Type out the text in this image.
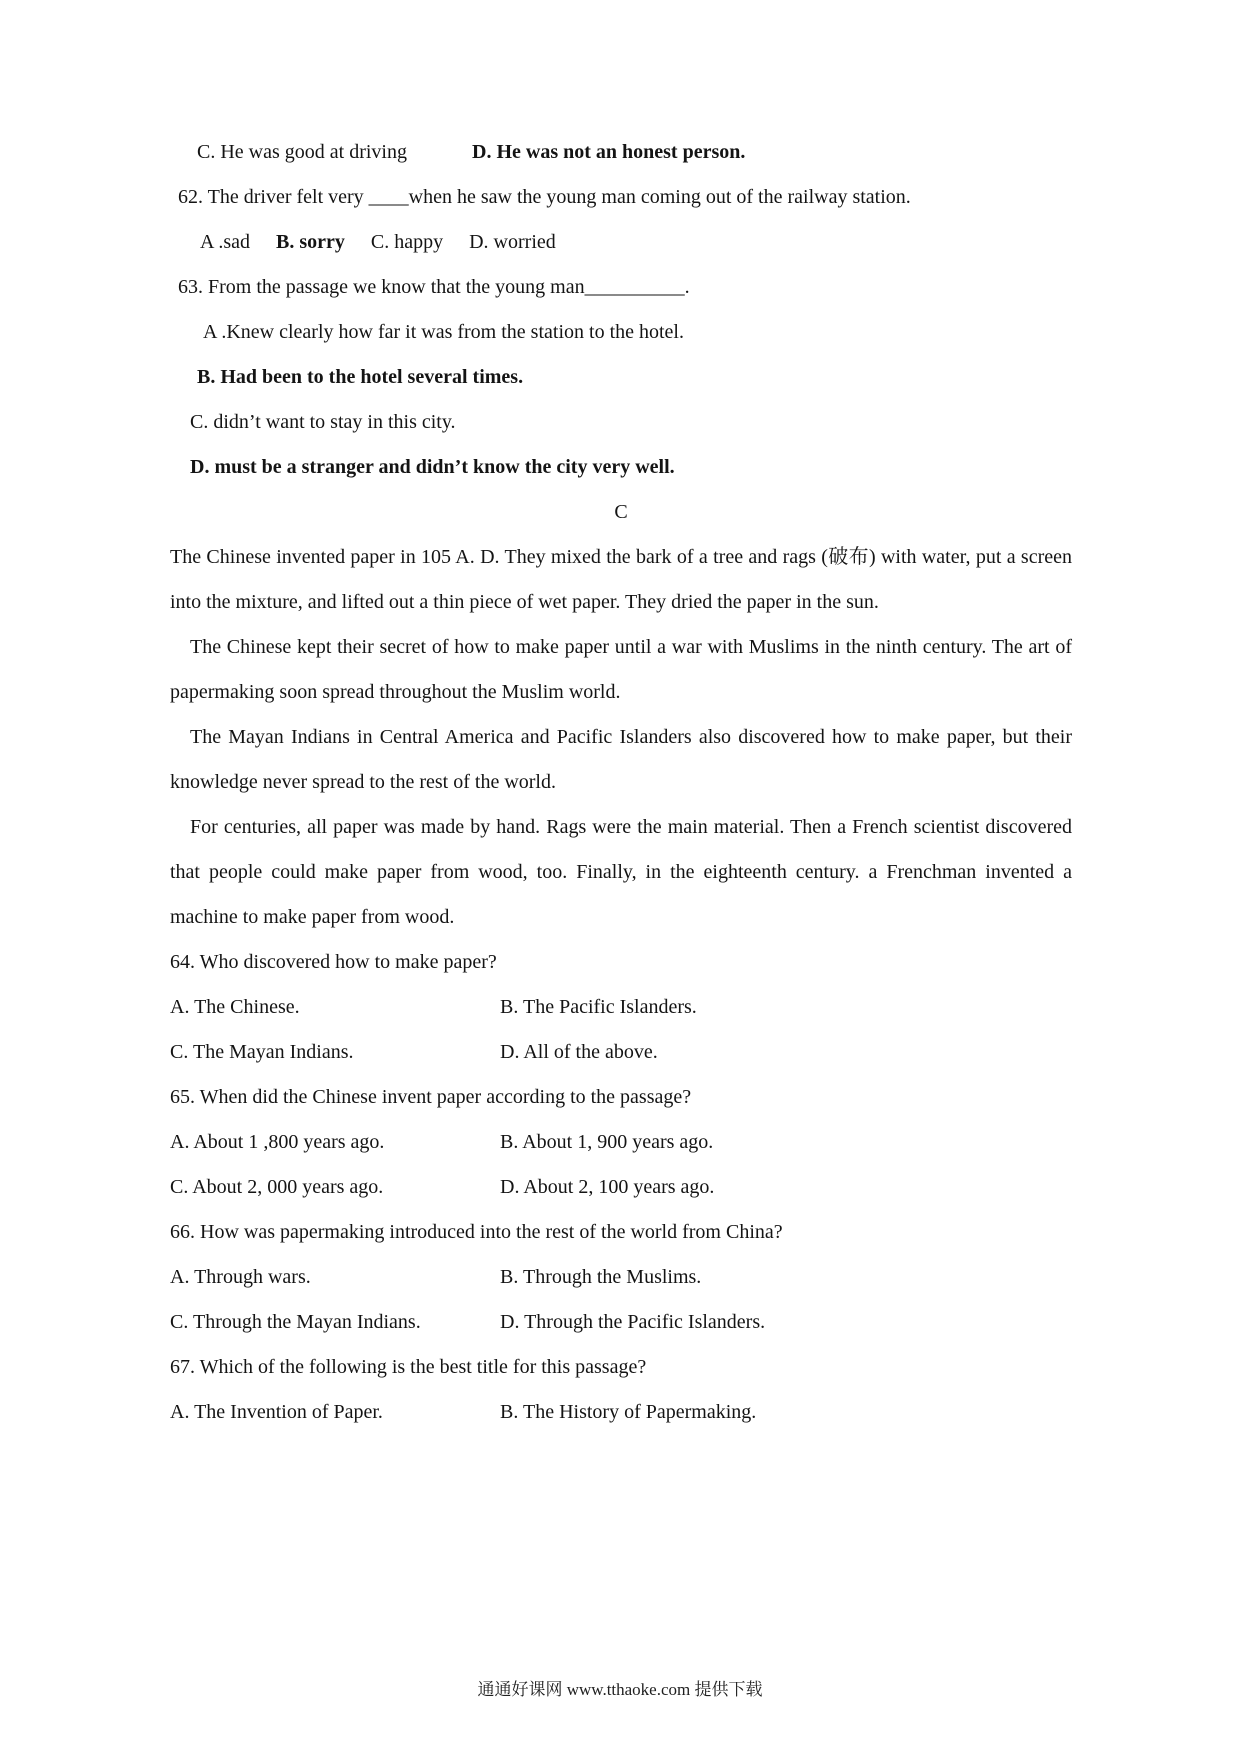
C. He was good at driving	D. He was not an honest person.
62. The driver felt very ____when he saw the young man coming out of the railway station.
A .sad B. sorry C. happy D. worried
63. From the passage we know that the young man__________.
A .Knew clearly how far it was from the station to the hotel.
B. Had been to the hotel several times.
C. didn’t want to stay in this city.
D. must be a stranger and didn’t know the city very well.
C

The Chinese invented paper in 105 A. D. They mixed the bark of a tree and rags (破布) with water, put a screen into the mixture, and lifted out a thin piece of wet paper. They dried the paper in the sun.

The Chinese kept their secret of how to make paper until a war with Muslims in the ninth century. The art of papermaking soon spread throughout the Muslim world.

The Mayan Indians in Central America and Pacific Islanders also discovered how to make paper, but their knowledge never spread to the rest of the world.

For centuries, all paper was made by hand. Rags were the main material. Then a French scientist discovered that people could make paper from wood, too. Finally, in the eighteenth century. a Frenchman invented a machine to make paper from wood.

64. Who discovered how to make paper?
A. The Chinese.	B. The Pacific Islanders.
C. The Mayan Indians.	D. All of the above.
65. When did the Chinese invent paper according to the passage?
A. About 1 ,800 years ago.	B. About 1, 900 years ago.
C. About 2, 000 years ago.	D. About 2, 100 years ago.
66. How was papermaking introduced into the rest of the world from China?
A. Through wars.	B. Through the Muslims.
C. Through the Mayan Indians.	D. Through the Pacific Islanders.
67. Which of the following is the best title for this passage?
A. The Invention of Paper.	B. The History of Papermaking.
通通好课网 www.tthaoke.com 提供下载
